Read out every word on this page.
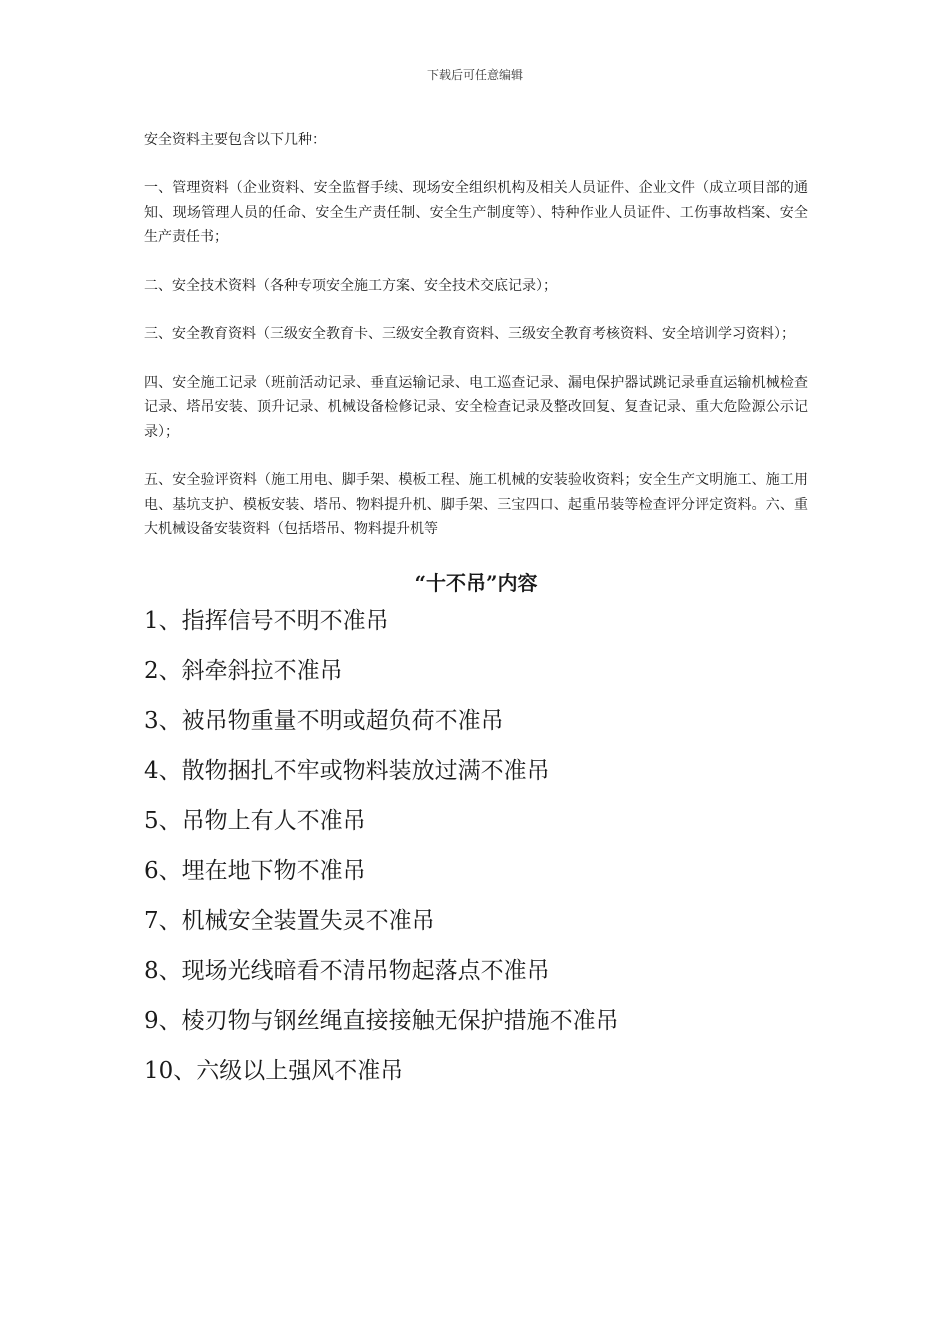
下载后可任意编辑

安全资料主要包含以下几种：

一、管理资料（企业资料、安全监督手续、现场安全组织机构及相关人员证件、企业文件（成立项目部的通知、现场管理人员的任命、安全生产责任制、安全生产制度等）、特种作业人员证件、工伤事故档案、安全生产责任书；

二、安全技术资料（各种专项安全施工方案、安全技术交底记录）；

三、安全教育资料（三级安全教育卡、三级安全教育资料、三级安全教育考核资料、安全培训学习资料）；

四、安全施工记录（班前活动记录、垂直运输记录、电工巡查记录、漏电保护器试跳记录垂直运输机械检查记录、塔吊安装、顶升记录、机械设备检修记录、安全检查记录及整改回复、复查记录、重大危险源公示记录）；

五、安全验评资料（施工用电、脚手架、模板工程、施工机械的安装验收资料；安全生产文明施工、施工用电、基坑支护、模板安装、塔吊、物料提升机、脚手架、三宝四口、起重吊装等检查评分评定资料。六、重大机械设备安装资料（包括塔吊、物料提升机等

“十不吊”内容
1、指挥信号不明不准吊
2、斜牵斜拉不准吊
3、被吊物重量不明或超负荷不准吊
4、散物捆扎不牢或物料装放过满不准吊
5、吊物上有人不准吊
6、埋在地下物不准吊
7、机械安全装置失灵不准吊
8、现场光线暗看不清吊物起落点不准吊
9、棱刃物与钢丝绳直接接触无保护措施不准吊
10、六级以上强风不准吊
